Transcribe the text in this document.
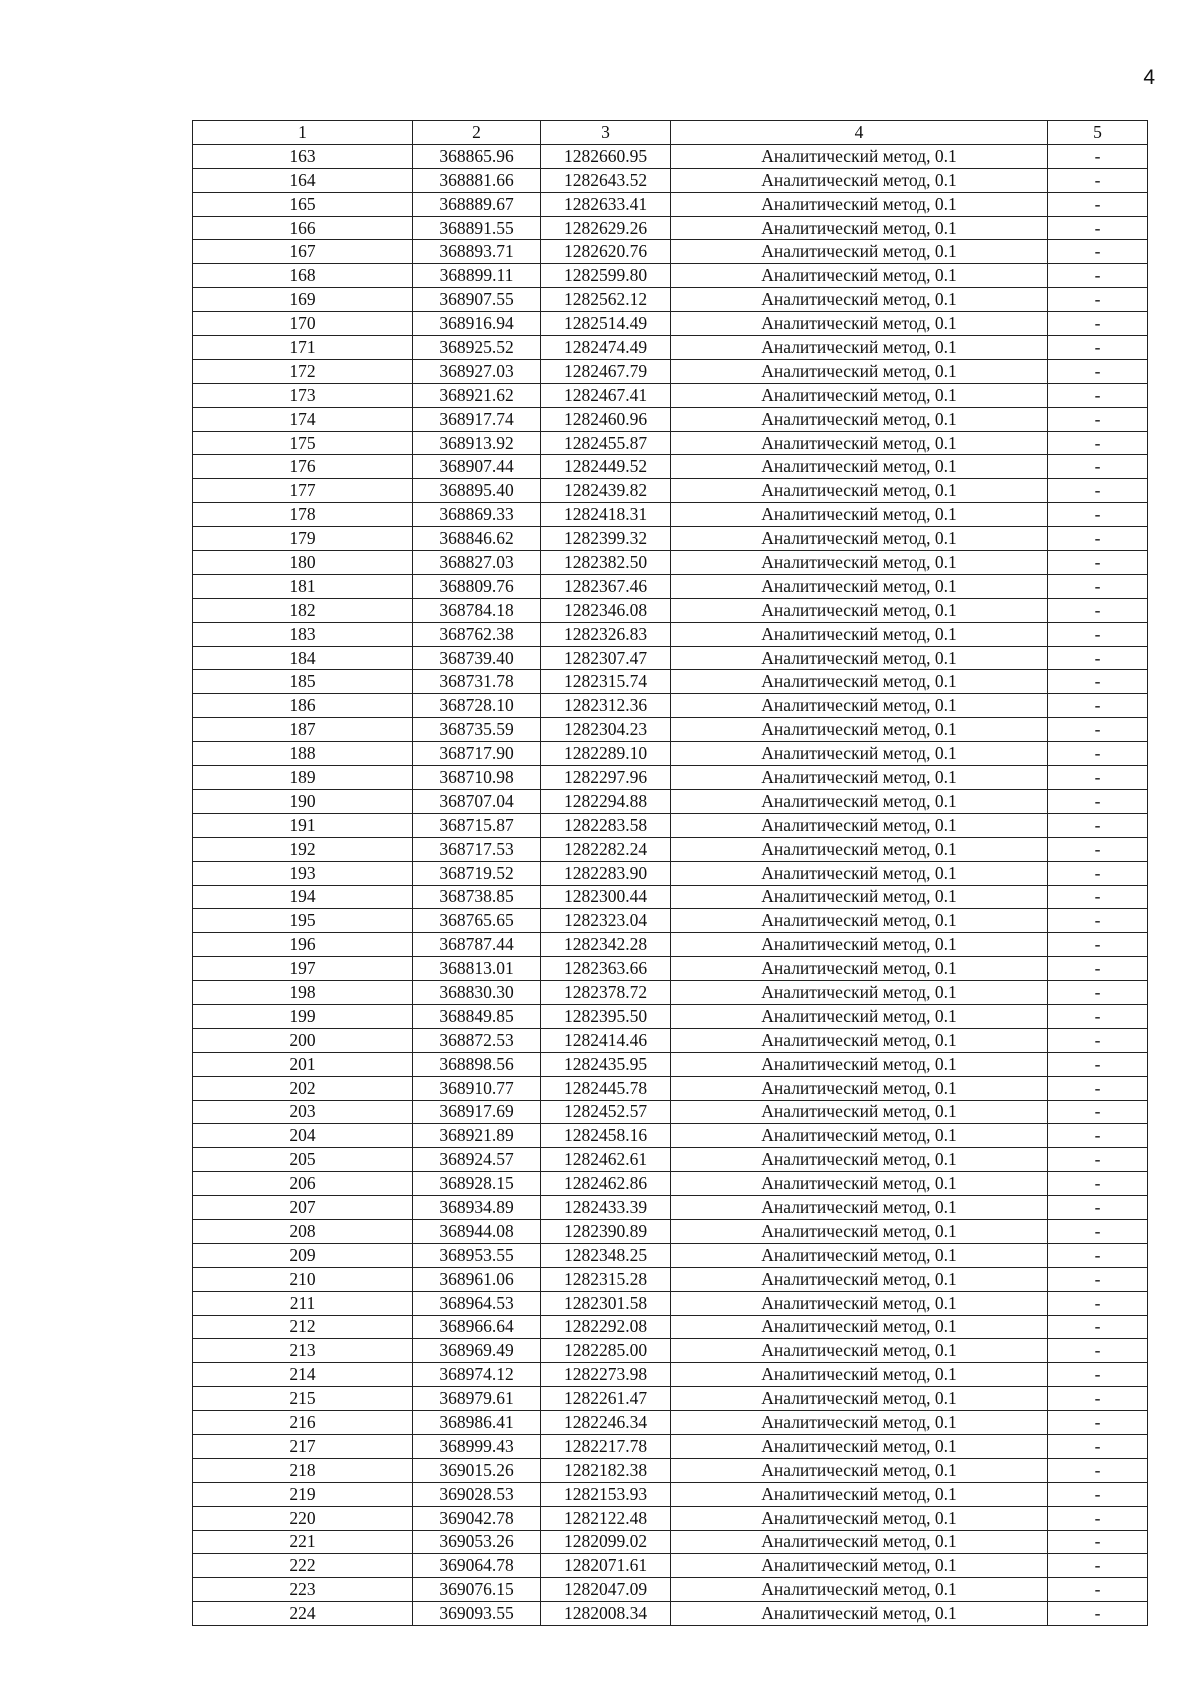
4
1	2	3	4	5
163	368865.96	1282660.95	Аналитический метод, 0.1	-
164	368881.66	1282643.52	Аналитический метод, 0.1	-
165	368889.67	1282633.41	Аналитический метод, 0.1	-
166	368891.55	1282629.26	Аналитический метод, 0.1	-
167	368893.71	1282620.76	Аналитический метод, 0.1	-
168	368899.11	1282599.80	Аналитический метод, 0.1	-
169	368907.55	1282562.12	Аналитический метод, 0.1	-
170	368916.94	1282514.49	Аналитический метод, 0.1	-
171	368925.52	1282474.49	Аналитический метод, 0.1	-
172	368927.03	1282467.79	Аналитический метод, 0.1	-
173	368921.62	1282467.41	Аналитический метод, 0.1	-
174	368917.74	1282460.96	Аналитический метод, 0.1	-
175	368913.92	1282455.87	Аналитический метод, 0.1	-
176	368907.44	1282449.52	Аналитический метод, 0.1	-
177	368895.40	1282439.82	Аналитический метод, 0.1	-
178	368869.33	1282418.31	Аналитический метод, 0.1	-
179	368846.62	1282399.32	Аналитический метод, 0.1	-
180	368827.03	1282382.50	Аналитический метод, 0.1	-
181	368809.76	1282367.46	Аналитический метод, 0.1	-
182	368784.18	1282346.08	Аналитический метод, 0.1	-
183	368762.38	1282326.83	Аналитический метод, 0.1	-
184	368739.40	1282307.47	Аналитический метод, 0.1	-
185	368731.78	1282315.74	Аналитический метод, 0.1	-
186	368728.10	1282312.36	Аналитический метод, 0.1	-
187	368735.59	1282304.23	Аналитический метод, 0.1	-
188	368717.90	1282289.10	Аналитический метод, 0.1	-
189	368710.98	1282297.96	Аналитический метод, 0.1	-
190	368707.04	1282294.88	Аналитический метод, 0.1	-
191	368715.87	1282283.58	Аналитический метод, 0.1	-
192	368717.53	1282282.24	Аналитический метод, 0.1	-
193	368719.52	1282283.90	Аналитический метод, 0.1	-
194	368738.85	1282300.44	Аналитический метод, 0.1	-
195	368765.65	1282323.04	Аналитический метод, 0.1	-
196	368787.44	1282342.28	Аналитический метод, 0.1	-
197	368813.01	1282363.66	Аналитический метод, 0.1	-
198	368830.30	1282378.72	Аналитический метод, 0.1	-
199	368849.85	1282395.50	Аналитический метод, 0.1	-
200	368872.53	1282414.46	Аналитический метод, 0.1	-
201	368898.56	1282435.95	Аналитический метод, 0.1	-
202	368910.77	1282445.78	Аналитический метод, 0.1	-
203	368917.69	1282452.57	Аналитический метод, 0.1	-
204	368921.89	1282458.16	Аналитический метод, 0.1	-
205	368924.57	1282462.61	Аналитический метод, 0.1	-
206	368928.15	1282462.86	Аналитический метод, 0.1	-
207	368934.89	1282433.39	Аналитический метод, 0.1	-
208	368944.08	1282390.89	Аналитический метод, 0.1	-
209	368953.55	1282348.25	Аналитический метод, 0.1	-
210	368961.06	1282315.28	Аналитический метод, 0.1	-
211	368964.53	1282301.58	Аналитический метод, 0.1	-
212	368966.64	1282292.08	Аналитический метод, 0.1	-
213	368969.49	1282285.00	Аналитический метод, 0.1	-
214	368974.12	1282273.98	Аналитический метод, 0.1	-
215	368979.61	1282261.47	Аналитический метод, 0.1	-
216	368986.41	1282246.34	Аналитический метод, 0.1	-
217	368999.43	1282217.78	Аналитический метод, 0.1	-
218	369015.26	1282182.38	Аналитический метод, 0.1	-
219	369028.53	1282153.93	Аналитический метод, 0.1	-
220	369042.78	1282122.48	Аналитический метод, 0.1	-
221	369053.26	1282099.02	Аналитический метод, 0.1	-
222	369064.78	1282071.61	Аналитический метод, 0.1	-
223	369076.15	1282047.09	Аналитический метод, 0.1	-
224	369093.55	1282008.34	Аналитический метод, 0.1	-
